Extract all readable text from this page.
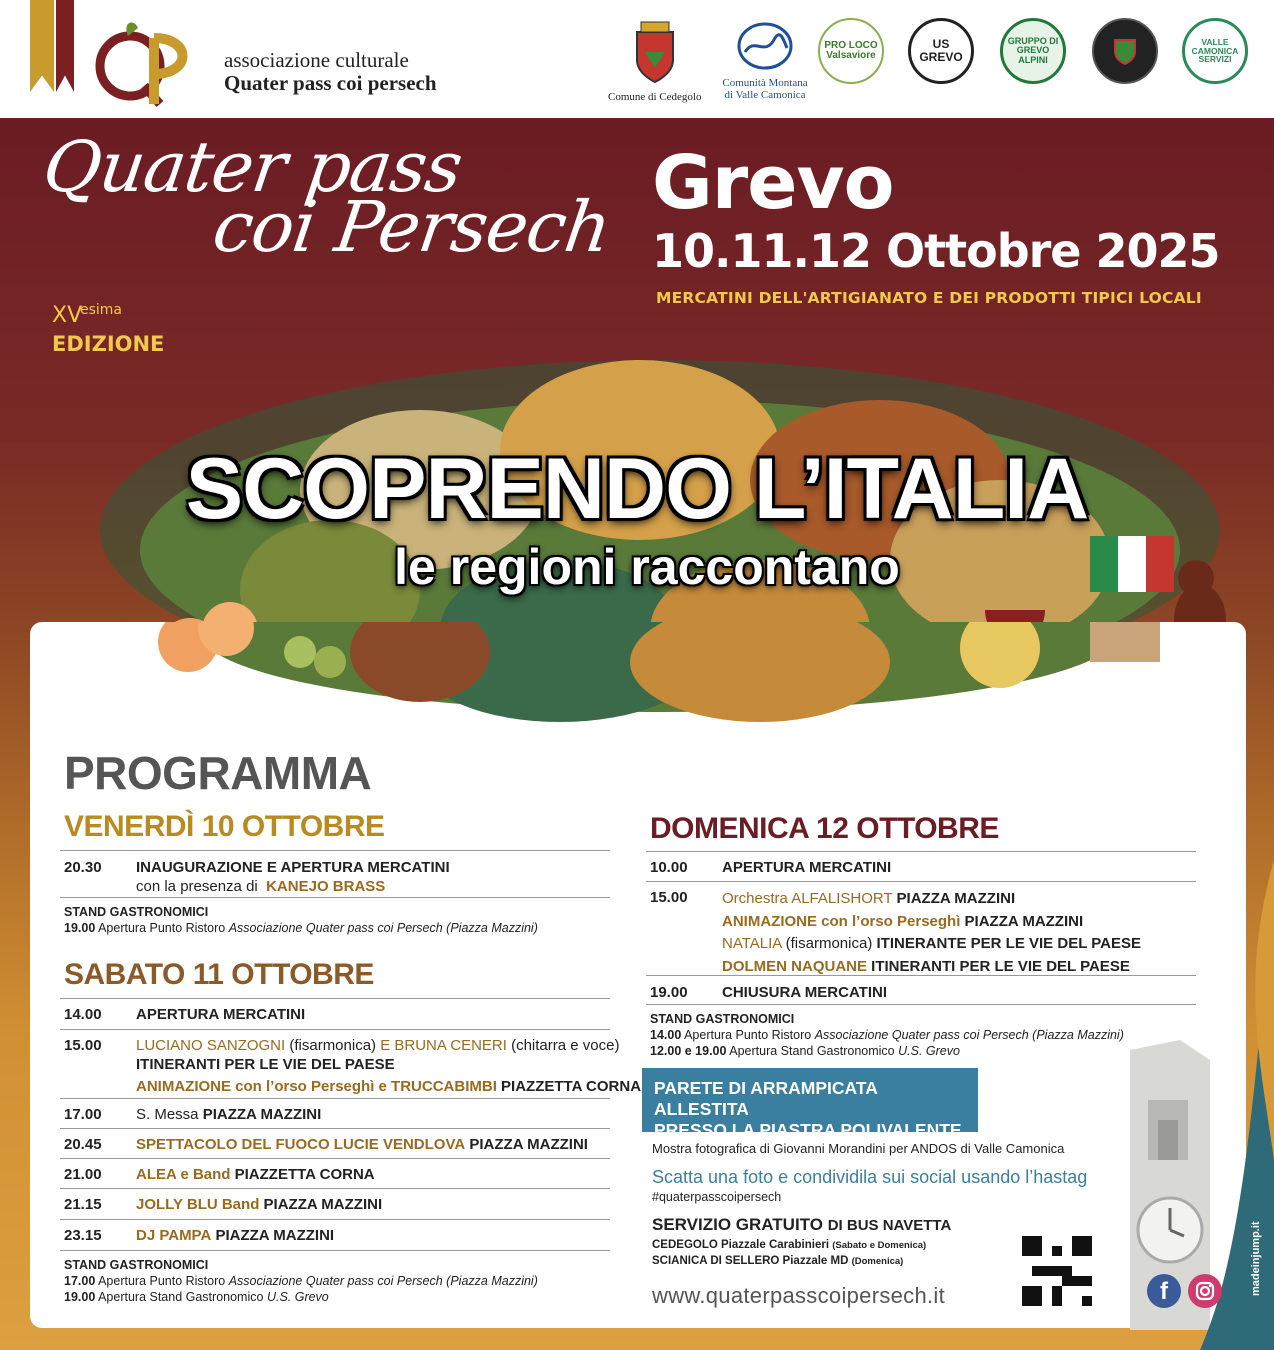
associazione culturale
Quater pass coi persech
Comune di Cedegolo
Comunità Montana di Valle Camonica
PRO LOCO Valsaviore
US GREVO
GRUPPO DI GREVO ALPINI
VALLE CAMONICA SERVIZI
Quater pass
coi Persech
XV
esima
EDIZIONE
Grevo
10.11.12 Ottobre 2025
MERCATINI DELL'ARTIGIANATO E DEI PRODOTTI TIPICI LOCALI
SCOPRENDO L’ITALIA
le regioni raccontano
PROGRAMMA
VENERDÌ 10 OTTOBRE
20.30 INAUGURAZIONE E APERTURA MERCATINI
con la presenza di KANEJO BRASS
STAND GASTRONOMICI
19.00 Apertura Punto Ristoro Associazione Quater pass coi Persech (Piazza Mazzini)
SABATO 11 OTTOBRE
14.00 APERTURA MERCATINI
15.00 LUCIANO SANZOGNI (fisarmonica) E BRUNA CENERI (chitarra e voce)
ITINERANTI PER LE VIE DEL PAESE

ANIMAZIONE con l’orso Perseghì e TRUCCABIMBI PIAZZETTA CORNA
17.00 S. Messa PIAZZA MAZZINI
20.45 SPETTACOLO DEL FUOCO LUCIE VENDLOVA PIAZZA MAZZINI
21.00 ALEA e Band PIAZZETTA CORNA
21.15 JOLLY BLU Band PIAZZA MAZZINI
23.15 DJ PAMPA PIAZZA MAZZINI
STAND GASTRONOMICI
17.00 Apertura Punto Ristoro Associazione Quater pass coi Persech (Piazza Mazzini)
19.00 Apertura Stand Gastronomico U.S. Grevo
DOMENICA 12 OTTOBRE
10.00 APERTURA MERCATINI
15.00 Orchestra ALFALISHORT PIAZZA MAZZINI
ANIMAZIONE con l’orso Perseghì PIAZZA MAZZINI
NATALIA (fisarmonica) ITINERANTE PER LE VIE DEL PAESE
DOLMEN NAQUANE ITINERANTI PER LE VIE DEL PAESE
19.00 CHIUSURA MERCATINI
STAND GASTRONOMICI
14.00 Apertura Punto Ristoro Associazione Quater pass coi Persech (Piazza Mazzini)
12.00 e 19.00 Apertura Stand Gastronomico U.S. Grevo
PARETE DI ARRAMPICATA ALLESTITA
PRESSO LA PIASTRA POLIVALENTE
Mostra fotografica di Giovanni Morandini per ANDOS di Valle Camonica
Scatta una foto e condividila sui social usando l’hastag
#quaterpasscoipersech
SERVIZIO GRATUITO DI BUS NAVETTA
CEDEGOLO Piazzale Carabinieri (Sabato e Domenica)
SCIANICA DI SELLERO Piazzale MD (Domenica)
www.quaterpasscoipersech.it	f	madeinjump.it
